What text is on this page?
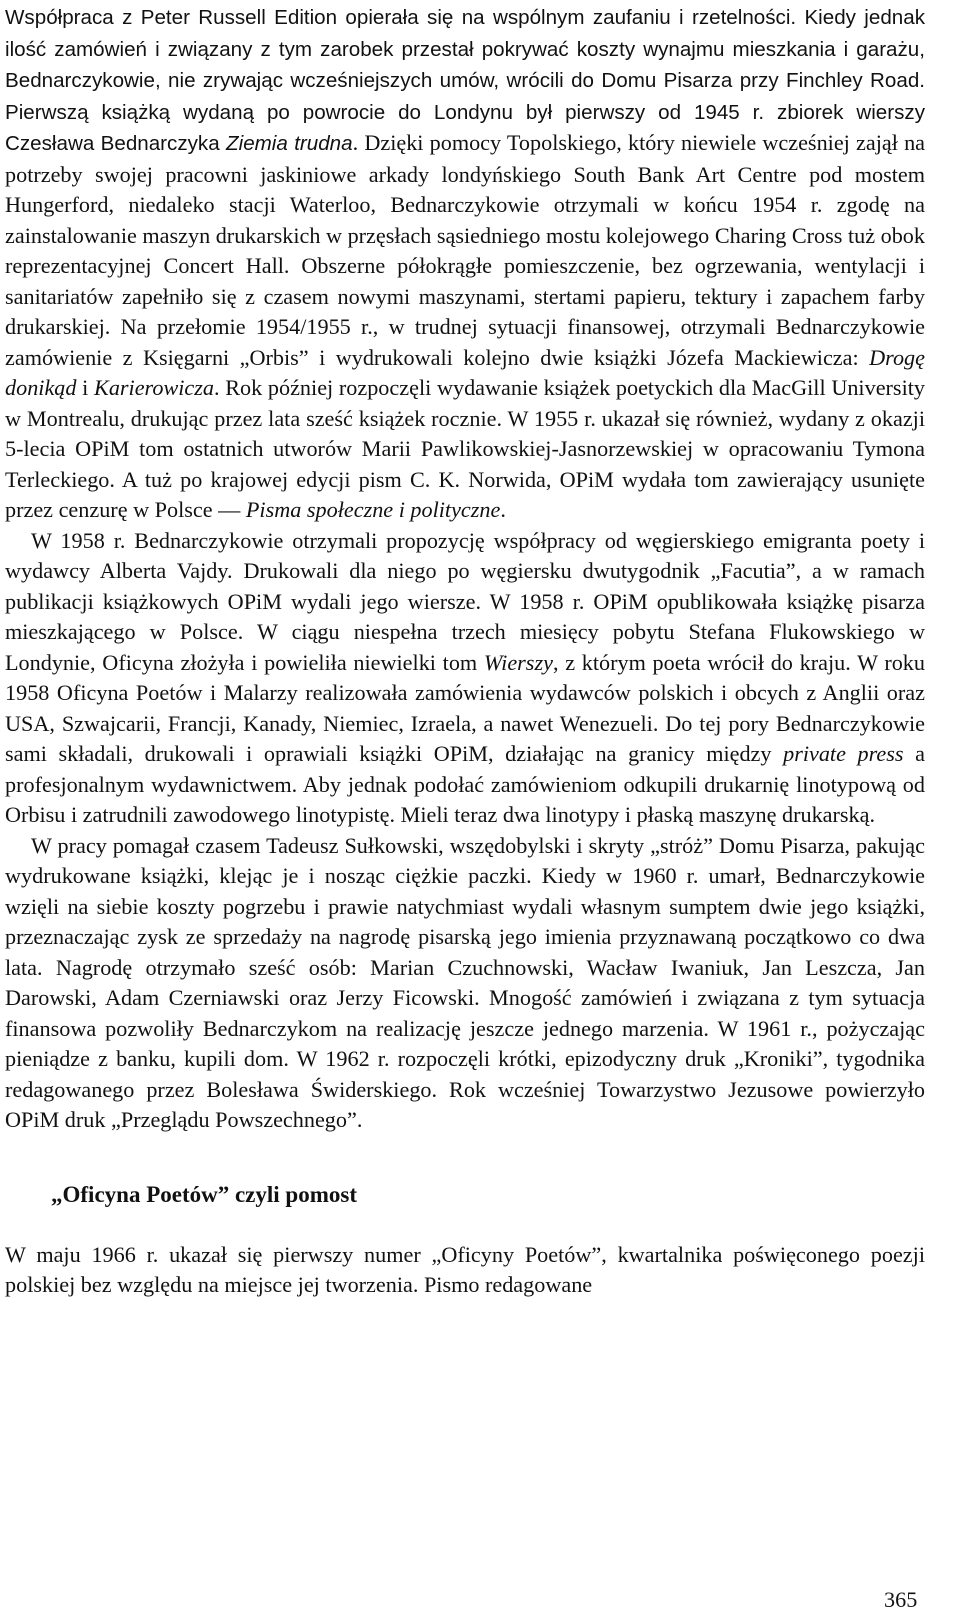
Współpraca z Peter Russell Edition opierała się na wspólnym zaufaniu i rzetelności. Kiedy jednak ilość zamówień i związany z tym zarobek przestał pokrywać koszty wynajmu mieszkania i garażu, Bednarczykowie, nie zrywając wcześniejszych umów, wrócili do Domu Pisarza przy Finchley Road. Pierwszą książką wydaną po powrocie do Londynu był pierwszy od 1945 r. zbiorek wierszy Czesława Bednarczyka Ziemia trudna. Dzięki pomocy Topolskiego, który niewiele wcześniej zajął na potrzeby swojej pracowni jaskiniowe arkady londyńskiego South Bank Art Centre pod mostem Hungerford, niedaleko stacji Waterloo, Bednarczykowie otrzymali w końcu 1954 r. zgodę na zainstalowanie maszyn drukarskich w przęsłach sąsiedniego mostu kolejowego Charing Cross tuż obok reprezentacyjnej Concert Hall. Obszerne półokrągłe pomieszczenie, bez ogrzewania, wentylacji i sanitariatów zapełniło się z czasem nowymi maszynami, stertami papieru, tektury i zapachem farby drukarskiej. Na przełomie 1954/1955 r., w trudnej sytuacji finansowej, otrzymali Bednarczykowie zamówienie z Księgarni „Orbis” i wydrukowali kolejno dwie książki Józefa Mackiewicza: Drogę donikąd i Karierowicza. Rok później rozpoczęli wydawanie książek poetyckich dla MacGill University w Montrealu, drukując przez lata sześć książek rocznie. W 1955 r. ukazał się również, wydany z okazji 5-lecia OPiM tom ostatnich utworów Marii Pawlikowskiej-Jasnorzewskiej w opracowaniu Tymona Terleckiego. A tuż po krajowej edycji pism C. K. Norwida, OPiM wydała tom zawierający usunięte przez cenzurę w Polsce — Pisma społeczne i polityczne.

W 1958 r. Bednarczykowie otrzymali propozycję współpracy od węgierskiego emigranta poety i wydawcy Alberta Vajdy. Drukowali dla niego po węgiersku dwutygodnik „Facutia”, a w ramach publikacji książkowych OPiM wydali jego wiersze. W 1958 r. OPiM opublikowała książkę pisarza mieszkającego w Polsce. W ciągu niespełna trzech miesięcy pobytu Stefana Flukowskiego w Londynie, Oficyna złożyła i powieliła niewielki tom Wierszy, z którym poeta wrócił do kraju. W roku 1958 Oficyna Poetów i Malarzy realizowała zamówienia wydawców polskich i obcych z Anglii oraz USA, Szwajcarii, Francji, Kanady, Niemiec, Izraela, a nawet Wenezueli. Do tej pory Bednarczykowie sami składali, drukowali i oprawiali książki OPiM, działając na granicy między private press a profesjonalnym wydawnictwem. Aby jednak podołać zamówieniom odkupili drukarnię linotypową od Orbisu i zatrudnili zawodowego linotypistę. Mieli teraz dwa linotypy i płaską maszynę drukarską.

W pracy pomagał czasem Tadeusz Sułkowski, wszędobylski i skryty „stróż” Domu Pisarza, pakując wydrukowane książki, klejąc je i nosząc ciężkie paczki. Kiedy w 1960 r. umarł, Bednarczykowie wzięli na siebie koszty pogrzebu i prawie natychmiast wydali własnym sumptem dwie jego książki, przeznaczając zysk ze sprzedaży na nagrodę pisarską jego imienia przyznawaną początkowo co dwa lata. Nagrodę otrzymało sześć osób: Marian Czuchnowski, Wacław Iwaniuk, Jan Leszcza, Jan Darowski, Adam Czerniawski oraz Jerzy Ficowski. Mnogość zamówień i związana z tym sytuacja finansowa pozwoliły Bednarczykom na realizację jeszcze jednego marzenia. W 1961 r., pożyczając pieniądze z banku, kupili dom. W 1962 r. rozpoczęli krótki, epizodyczny druk „Kroniki”, tygodnika redagowanego przez Bolesława Świderskiego. Rok wcześniej Towarzystwo Jezusowe powierzyło OPiM druk „Przeglądu Powszechnego”.

„Oficyna Poetów” czyli pomost

W maju 1966 r. ukazał się pierwszy numer „Oficyny Poetów”, kwartalnika poświęconego poezji polskiej bez względu na miejsce jej tworzenia. Pismo redagowane

365
